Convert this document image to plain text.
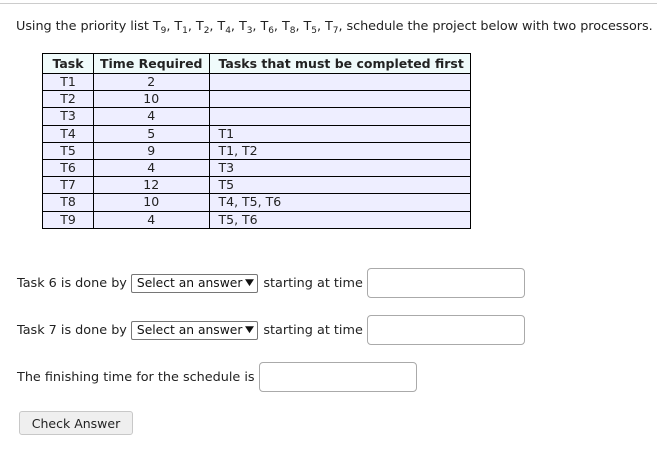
Using the priority list $T_9$, $T_1$, $T_2$, $T_4$, $T_3$, $T_6$, $T_8$, $T_5$, $T_7$, schedule the project below with two processors.
Task	Time Required	Tasks that must be completed first
T1	2	
T2	10	
T3	4	
T4	5	T1
T5	9	T1, T2
T6	4	T3
T7	12	T5
T8	10	T4, T5, T6
T9	4	T5, T6
Task 6 is done by Select an answer ▼ starting at time
Task 7 is done by Select an answer ▼ starting at time
The finishing time for the schedule is
Check Answer
